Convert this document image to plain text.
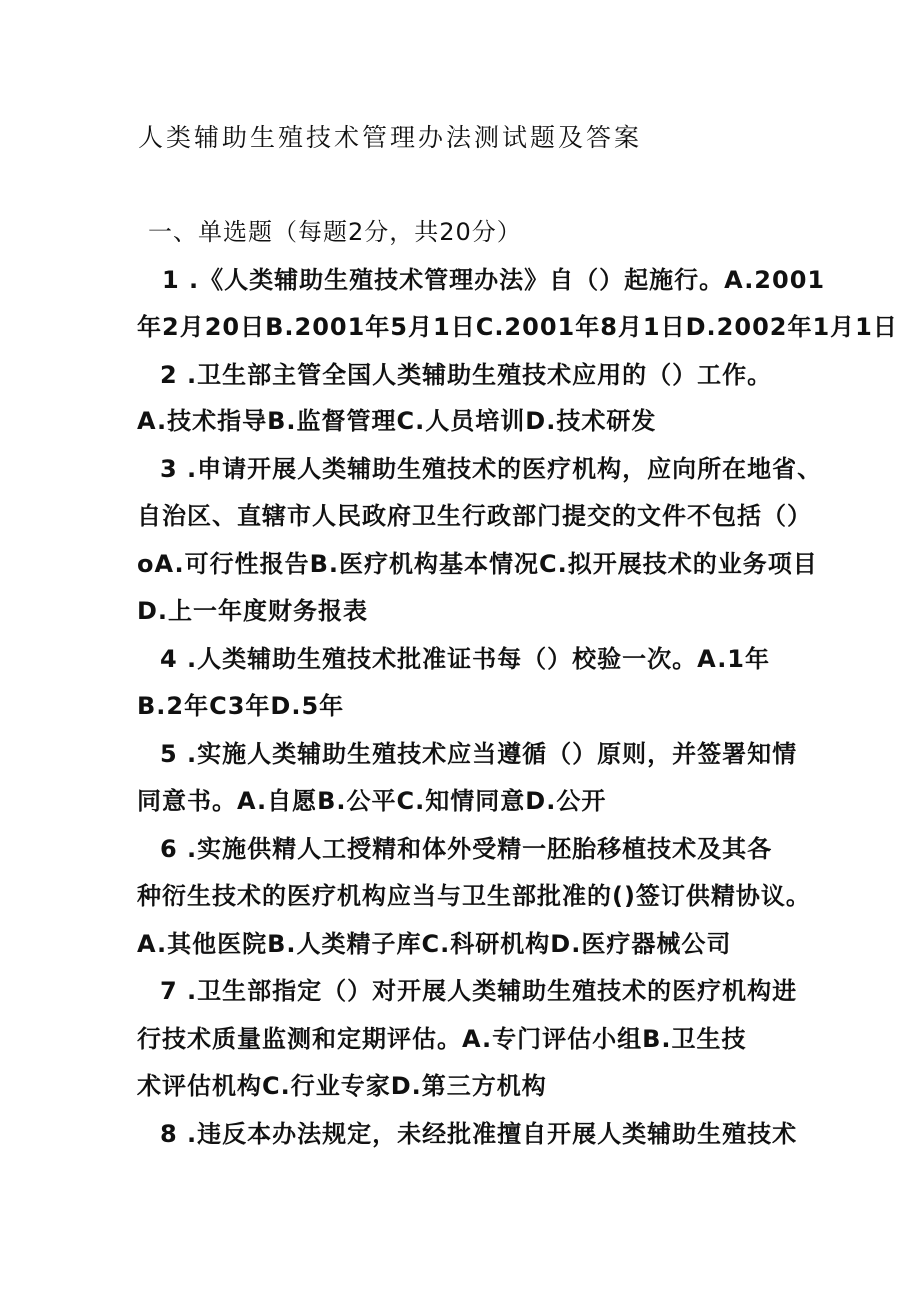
人类辅助生殖技术管理办法测试题及答案
一、单选题（每题2分，共20分）
1 .《人类辅助生殖技术管理办法》自（）起施行。A.2001
年2月20日B.2001年5月1日C.2001年8月1日D.2002年1月1日
2 .卫生部主管全国人类辅助生殖技术应用的（）工作。
A.技术指导B.监督管理C.人员培训D.技术研发
3 .申请开展人类辅助生殖技术的医疗机构，应向所在地省、
自治区、直辖市人民政府卫生行政部门提交的文件不包括（）
oA.可行性报告B.医疗机构基本情况C.拟开展技术的业务项目
D.上一年度财务报表
4 .人类辅助生殖技术批准证书每（）校验一次。A.1年
B.2年C3年D.5年
5 .实施人类辅助生殖技术应当遵循（）原则，并签署知情
同意书。A.自愿B.公平C.知情同意D.公开
6 .实施供精人工授精和体外受精一胚胎移植技术及其各
种衍生技术的医疗机构应当与卫生部批准的()签订供精协议。
A.其他医院B.人类精子库C.科研机构D.医疗器械公司
7 .卫生部指定（）对开展人类辅助生殖技术的医疗机构进
行技术质量监测和定期评估。A.专门评估小组B.卫生技
术评估机构C.行业专家D.第三方机构
8 .违反本办法规定，未经批准擅自开展人类辅助生殖技术
